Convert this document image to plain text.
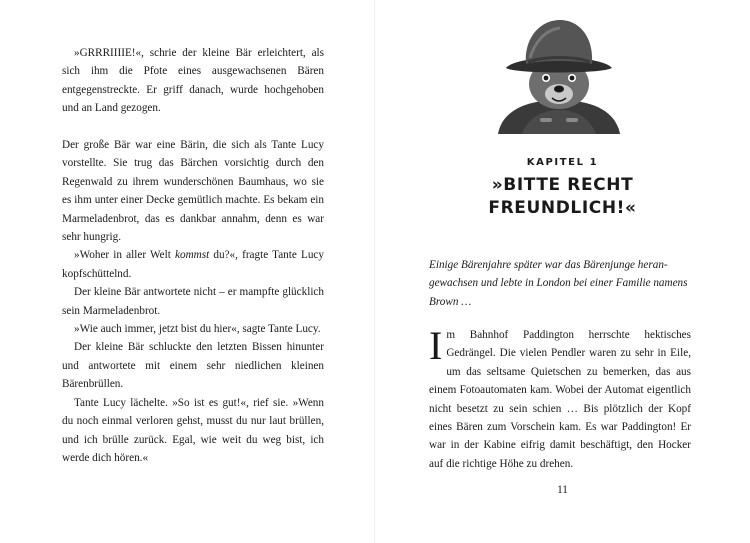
»GRRRIIIIE!«, schrie der kleine Bär erleichtert, als sich ihm die Pfote eines ausgewachsenen Bären entgegenstreckte. Er griff danach, wurde hochgehoben und an Land gezogen.

Der große Bär war eine Bärin, die sich als Tante Lucy vorstellte. Sie trug das Bärchen vorsichtig durch den Regenwald zu ihrem wunderschönen Baumhaus, wo sie es ihm unter einer Decke gemütlich machte. Es bekam ein Marmeladenbrot, das es dankbar annahm, denn es war sehr hungrig.

»Woher in aller Welt kommst du?«, fragte Tante Lucy kopfschüttelnd.

Der kleine Bär antwortete nicht – er mampfte glücklich sein Marmeladenbrot.

»Wie auch immer, jetzt bist du hier«, sagte Tante Lucy.

Der kleine Bär schluckte den letzten Bissen hinunter und antwortete mit einem sehr niedlichen kleinen Bärenbrüllen.

Tante Lucy lächelte. »So ist es gut!«, rief sie. »Wenn du noch einmal verloren gehst, musst du nur laut brüllen, und ich brülle zurück. Egal, wie weit du weg bist, ich werde dich hören.«

KAPITEL 1
»BITTE RECHT
FREUNDLICH!«
Einige Bärenjahre später war das Bärenjunge heran-
gewachsen und lebte in London bei einer Familie namens
Brown …

Im Bahnhof Paddington herrschte hektisches Gedrängel. Die vielen Pendler waren zu sehr in Eile, um das seltsame Quietschen zu bemerken, das aus einem Fotoautomaten kam. Wobei der Automat eigentlich nicht besetzt zu sein schien … Bis plötzlich der Kopf eines Bären zum Vorschein kam. Es war Paddington! Er war in der Kabine eifrig damit beschäftigt, den Hocker auf die richtige Höhe zu drehen.

11
